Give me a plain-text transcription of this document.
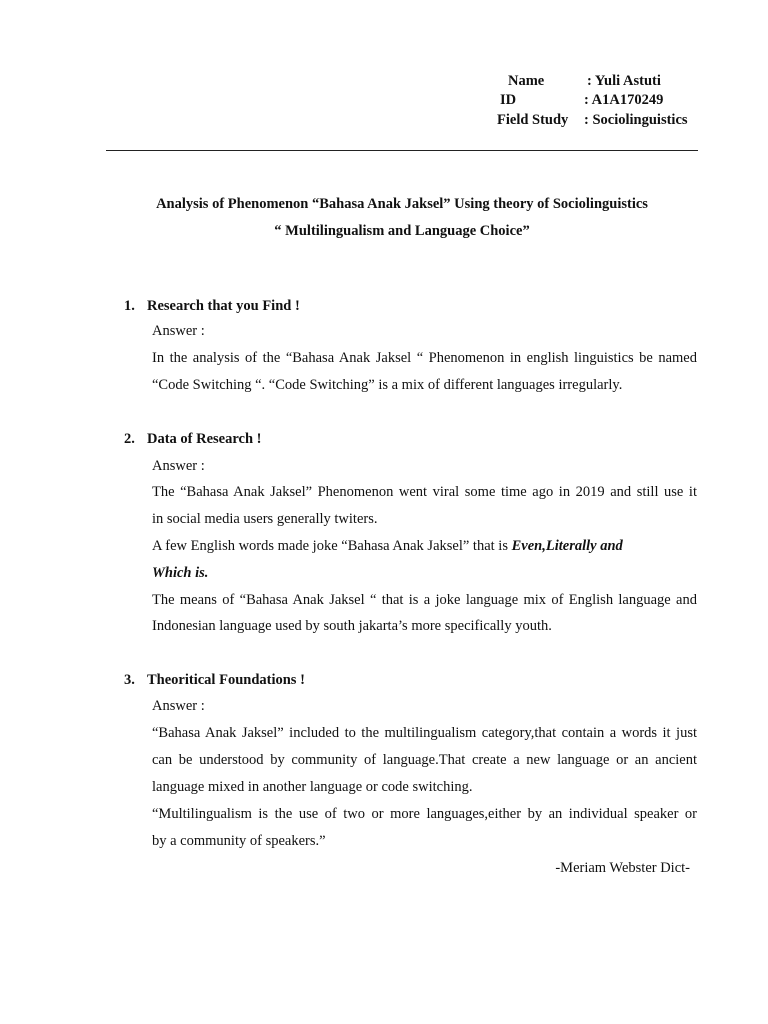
Name	: Yuli Astuti
ID	: A1A170249
Field Study : Sociolinguistics
Analysis of Phenomenon “Bahasa Anak Jaksel” Using theory of Sociolinguistics
“ Multilingualism and Language Choice”
1. Research that you Find !
Answer :
In the analysis of the “Bahasa Anak Jaksel “ Phenomenon in english linguistics be named
“Code Switching “. “Code Switching” is a mix of different languages irregularly.
2. Data of Research !
Answer :
The “Bahasa Anak Jaksel” Phenomenon went viral some time ago in 2019 and still use it
in social media users generally twiters.
A few English words made joke “Bahasa Anak Jaksel” that is Even,Literally and
Which is.
The means of “Bahasa Anak Jaksel “ that is a joke language mix of English language and
Indonesian language used by south jakarta’s more specifically youth.
3. Theoritical Foundations !
Answer :
“Bahasa Anak Jaksel” included to the multilingualism category,that contain a words it just
can be understood by community of language.That create a new language or an ancient
language mixed in another language or code switching.
“Multilingualism is the use of two or more languages,either by an individual speaker or
by a community of speakers.”
-Meriam Webster Dict-
